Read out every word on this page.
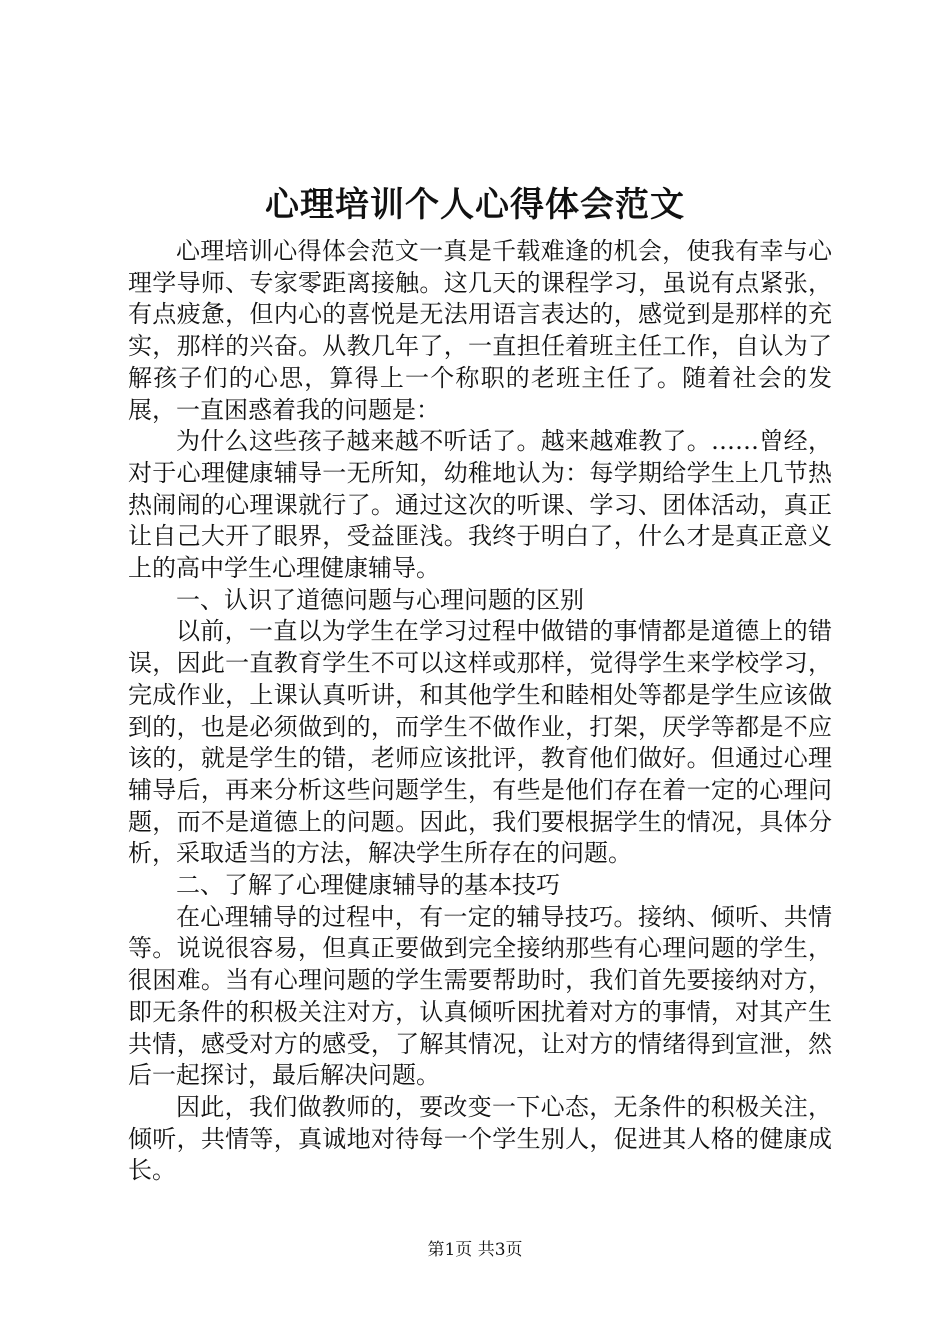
心理培训个人心得体会范文

心理培训心得体会范文一真是千载难逢的机会，使我有幸与心理学导师、专家零距离接触。这几天的课程学习，虽说有点紧张，有点疲惫，但内心的喜悦是无法用语言表达的，感觉到是那样的充实，那样的兴奋。从教几年了，一直担任着班主任工作，自认为了解孩子们的心思，算得上一个称职的老班主任了。随着社会的发展，一直困惑着我的问题是：

为什么这些孩子越来越不听话了。越来越难教了。……曾经，对于心理健康辅导一无所知，幼稚地认为：每学期给学生上几节热热闹闹的心理课就行了。通过这次的听课、学习、团体活动，真正让自己大开了眼界，受益匪浅。我终于明白了，什么才是真正意义上的高中学生心理健康辅导。

一、认识了道德问题与心理问题的区别

以前，一直以为学生在学习过程中做错的事情都是道德上的错误，因此一直教育学生不可以这样或那样，觉得学生来学校学习，完成作业，上课认真听讲，和其他学生和睦相处等都是学生应该做到的，也是必须做到的，而学生不做作业，打架，厌学等都是不应该的，就是学生的错，老师应该批评，教育他们做好。但通过心理辅导后，再来分析这些问题学生，有些是他们存在着一定的心理问题，而不是道德上的问题。因此，我们要根据学生的情况，具体分析，采取适当的方法，解决学生所存在的问题。

二、了解了心理健康辅导的基本技巧

在心理辅导的过程中，有一定的辅导技巧。接纳、倾听、共情等。说说很容易，但真正要做到完全接纳那些有心理问题的学生，很困难。当有心理问题的学生需要帮助时，我们首先要接纳对方，即无条件的积极关注对方，认真倾听困扰着对方的事情，对其产生共情，感受对方的感受，了解其情况，让对方的情绪得到宣泄，然后一起探讨，最后解决问题。

因此，我们做教师的，要改变一下心态，无条件的积极关注，倾听，共情等，真诚地对待每一个学生别人，促进其人格的健康成长。

第1页 共3页
